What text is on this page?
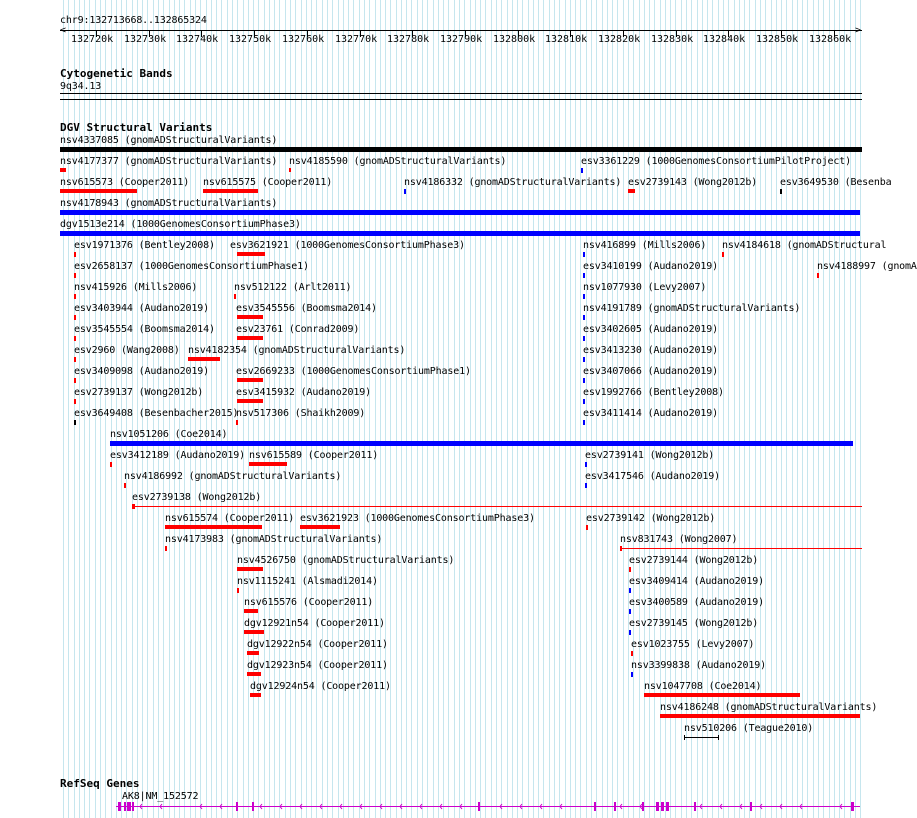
chr9:132713668..132865324
<	>
132720k 132730k 132740k 132750k 132760k 132770k 132780k 132790k 132800k 132810k 132820k 132830k 132840k 132850k 132860k
Cytogenetic Bands
9q34.13
DGV Structural Variants
nsv4337085 (gnomADStructuralVariants)
nsv4177377 (gnomADStructuralVariants) nsv4185590 (gnomADStructuralVariants)	esv3361229 (1000GenomesConsortiumPilotProject)
nsv615573 (Cooper2011) nsv615575 (Cooper2011)	nsv4186332 (gnomADStructuralVariants) esv2739143 (Wong2012b) esv3649530 (Besenba
nsv4178943 (gnomADStructuralVariants)
dgv1513e214 (1000GenomesConsortiumPhase3)
esv1971376 (Bentley2008) esv3621921 (1000GenomesConsortiumPhase3)	nsv416899 (Mills2006) nsv4184618 (gnomADStructural
esv2658137 (1000GenomesConsortiumPhase1)	esv3410199 (Audano2019)	nsv4188997 (gnomA
nsv415926 (Mills2006)	nsv512122 (Arlt2011)	nsv1077930 (Levy2007)
esv3403944 (Audano2019)	esv3545556 (Boomsma2014)	nsv4191789 (gnomADStructuralVariants)
esv3545554 (Boomsma2014) esv23761 (Conrad2009)	esv3402605 (Audano2019)
esv2960 (Wang2008) nsv4182354 (gnomADStructuralVariants)	esv3413230 (Audano2019)
esv3409098 (Audano2019)	esv2669233 (1000GenomesConsortiumPhase1)	esv3407066 (Audano2019)
esv2739137 (Wong2012b)	esv3415932 (Audano2019)	esv1992766 (Bentley2008)
esv3649408 (Besenbacher2015)
nsv517306 (Shaikh2009)	esv3411414 (Audano2019)
nsv1051206 (Coe2014)
esv3412189 (Audano2019) nsv615589 (Cooper2011)	esv2739141 (Wong2012b)
nsv4186992 (gnomADStructuralVariants)	esv3417546 (Audano2019)
esv2739138 (Wong2012b)
nsv615574 (Cooper2011) esv3621923 (1000GenomesConsortiumPhase3)	esv2739142 (Wong2012b)
nsv4173983 (gnomADStructuralVariants)	nsv831743 (Wong2007)
nsv4526750 (gnomADStructuralVariants)	esv2739144 (Wong2012b)
nsv1115241 (Alsmadi2014)	esv3409414 (Audano2019)
nsv615576 (Cooper2011)	esv3400589 (Audano2019)
dgv12921n54 (Cooper2011)	esv2739145 (Wong2012b)
dgv12922n54 (Cooper2011)	esv1023755 (Levy2007)
dgv12923n54 (Cooper2011)	nsv3399838 (Audano2019)
dgv12924n54 (Cooper2011)	nsv1047708 (Coe2014)
nsv4186248 (gnomADStructuralVariants)
nsv510206 (Teague2010)
RefSeq Genes
AK8|NM_152572
